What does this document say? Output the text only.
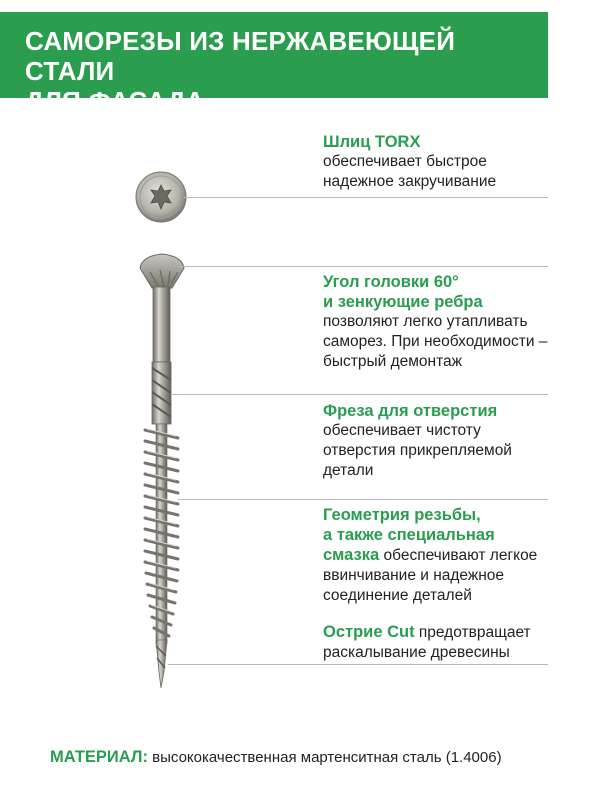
САМОРЕЗЫ ИЗ НЕРЖАВЕЮЩЕЙ СТАЛИ
ДЛЯ ФАСАДА
Шлиц TORX
обеспечивает быстрое
надежное закручивание
Угол головки 60°
и зенкующие ребра
позволяют легко утапливать
саморез. При необходимости –
быстрый демонтаж
Фреза для отверстия
обеспечивает чистоту
отверстия прикрепляемой
детали
Геометрия резьбы,
а также специальная
смазка обеспечивают легкое
ввинчивание и надежное
соединение деталей
Острие Cut предотвращает
раскалывание древесины
МАТЕРИАЛ: высококачественная мартенситная сталь (1.4006)
